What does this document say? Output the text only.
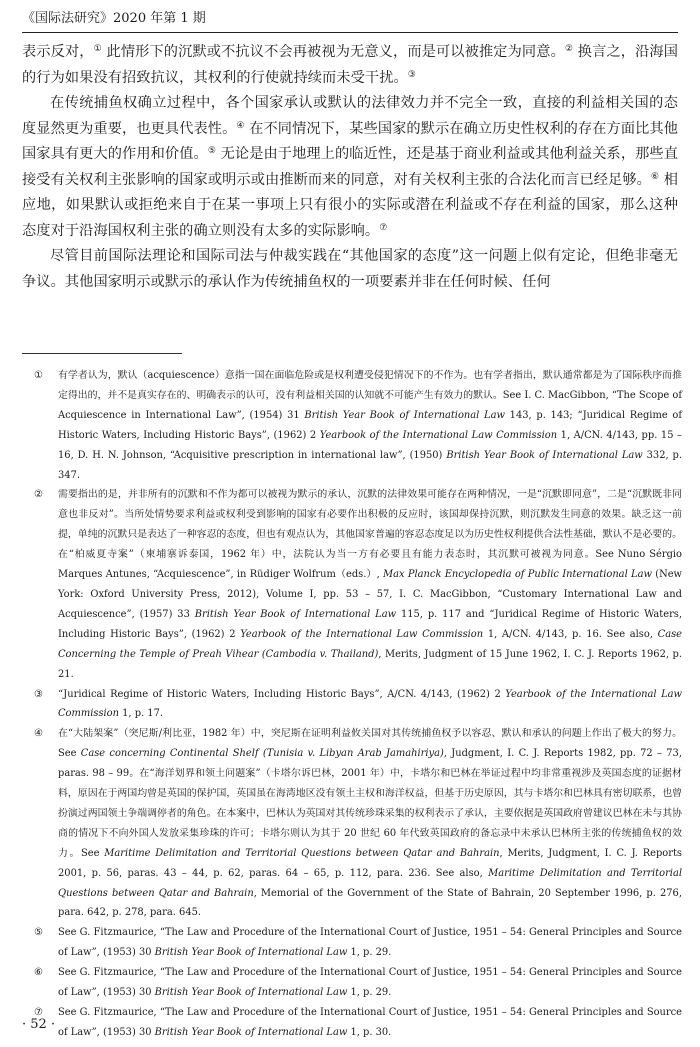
《国际法研究》2020 年第 1 期

表示反对，① 此情形下的沉默或不抗议不会再被视为无意义，而是可以被推定为同意。② 换言之，沿海国的行为如果没有招致抗议，其权利的行使就持续而未受干扰。③

在传统捕鱼权确立过程中，各个国家承认或默认的法律效力并不完全一致，直接的利益相关国的态度显然更为重要，也更具代表性。④ 在不同情况下，某些国家的默示在确立历史性权利的存在方面比其他国家具有更大的作用和价值。⑤ 无论是由于地理上的临近性，还是基于商业利益或其他利益关系，那些直接受有关权利主张影响的国家或明示或由推断而来的同意，对有关权利主张的合法化而言已经足够。⑥ 相应地，如果默认或拒绝来自于在某一事项上只有很小的实际或潜在利益或不存在利益的国家，那么这种态度对于沿海国权利主张的确立则没有太多的实际影响。⑦

尽管目前国际法理论和国际司法与仲裁实践在“其他国家的态度”这一问题上似有定论，但绝非毫无争议。其他国家明示或默示的承认作为传统捕鱼权的一项要素并非在任何时候、任何

①	有学者认为，默认（acquiescence）意指一国在面临危险或是权利遭受侵犯情况下的不作为。也有学者指出，默认通常都是为了国际秩序而推定得出的，并不是真实存在的、明确表示的认可，没有利益相关国的认知就不可能产生有效力的默认。See I. C. MacGibbon, “The Scope of Acquiescence in International Law”, (1954) 31 British Year Book of International Law 143, p. 143; “Juridical Regime of Historic Waters, Including Historic Bays”, (1962) 2 Yearbook of the International Law Commission 1, A/CN. 4/143, pp. 15 – 16, D. H. N. Johnson, “Acquisitive prescription in international law”, (1950) British Year Book of International Law 332, p. 347.
②	需要指出的是，并非所有的沉默和不作为都可以被视为默示的承认，沉默的法律效果可能存在两种情况，一是“沉默即同意”，二是“沉默既非同意也非反对”。当所处情势要求利益或权利受到影响的国家有必要作出积极的反应时，该国却保持沉默，则沉默发生同意的效果。缺乏这一前提，单纯的沉默只是表达了一种容忍的态度，但也有观点认为，其他国家普遍的容忍态度足以为历史性权利提供合法性基础，默认不是必要的。在“柏威夏寺案”（柬埔寨诉泰国，1962 年）中，法院认为当一方有必要且有能力表态时，其沉默可被视为同意。See Nuno Sérgio Marques Antunes, “Acquiescence”, in Rüdiger Wolfrum（eds.）, Max Planck Encyclopedia of Public International Law (New York: Oxford University Press, 2012), Volume I, pp. 53 – 57, I. C. MacGibbon, “Customary International Law and Acquiescence”, (1957) 33 British Year Book of International Law 115, p. 117 and “Juridical Regime of Historic Waters, Including Historic Bays”, (1962) 2 Yearbook of the International Law Commission 1, A/CN. 4/143, p. 16. See also, Case Concerning the Temple of Preah Vihear (Cambodia v. Thailand), Merits, Judgment of 15 June 1962, I. C. J. Reports 1962, p. 21.
③	“Juridical Regime of Historic Waters, Including Historic Bays”, A/CN. 4/143, (1962) 2 Yearbook of the International Law Commission 1, p. 17.
④	在“大陆架案”（突尼斯/利比亚，1982 年）中，突尼斯在证明利益攸关国对其传统捕鱼权予以容忍、默认和承认的问题上作出了极大的努力。See Case concerning Continental Shelf (Tunisia v. Libyan Arab Jamahiriya), Judgment, I. C. J. Reports 1982, pp. 72 – 73, paras. 98 – 99。在“海洋划界和领土问题案”（卡塔尔诉巴林，2001 年）中，卡塔尔和巴林在举证过程中均非常重视涉及英国态度的证据材料，原因在于两国均曾是英国的保护国，英国虽在海湾地区没有领土主权和海洋权益，但基于历史原因，其与卡塔尔和巴林具有密切联系，也曾扮演过两国领土争端调停者的角色。在本案中，巴林认为英国对其传统珍珠采集的权利表示了承认，主要依据是英国政府曾建议巴林在未与其协商的情况下不向外国人发放采集珍珠的许可；卡塔尔则认为其于 20 世纪 60 年代致英国政府的备忘录中未承认巴林所主张的传统捕鱼权的效力。See Maritime Delimitation and Territorial Questions between Qatar and Bahrain, Merits, Judgment, I. C. J. Reports 2001, p. 56, paras. 43 – 44, p. 62, paras. 64 – 65, p. 112, para. 236. See also, Maritime Delimitation and Territorial Questions between Qatar and Bahrain, Memorial of the Government of the State of Bahrain, 20 September 1996, p. 276, para. 642, p. 278, para. 645.
⑤	See G. Fitzmaurice, “The Law and Procedure of the International Court of Justice, 1951 – 54: General Principles and Source of Law”, (1953) 30 British Year Book of International Law 1, p. 29.
⑥	See G. Fitzmaurice, “The Law and Procedure of the International Court of Justice, 1951 – 54: General Principles and Source of Law”, (1953) 30 British Year Book of International Law 1, p. 29.
⑦	See G. Fitzmaurice, “The Law and Procedure of the International Court of Justice, 1951 – 54: General Principles and Source of Law”, (1953) 30 British Year Book of International Law 1, p. 30.
· 52 ·
